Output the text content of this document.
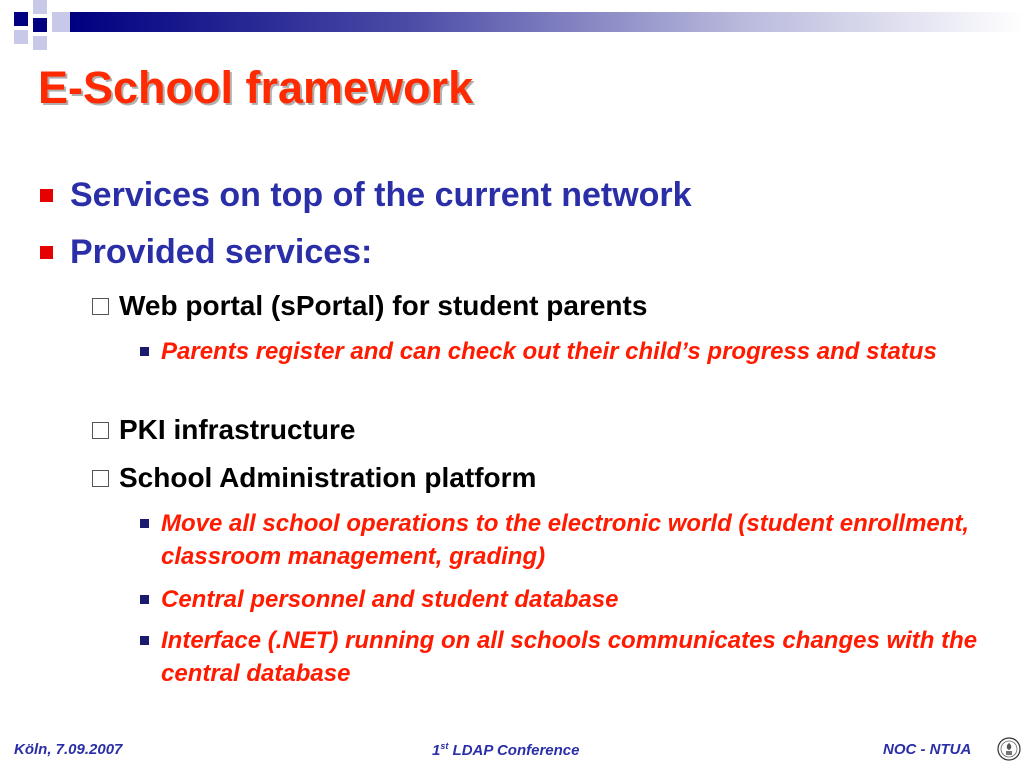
E-School framework
Services on top of the current network
Provided services:
Web portal (sPortal) for student parents
Parents register and can check out their child’s progress and status
PKI infrastructure
School Administration platform
Move all school operations to the electronic world (student enrollment, classroom management, grading)
Central personnel and student database
Interface (.NET) running on all schools communicates changes with the central database
Köln, 7.09.2007	1st LDAP Conference	NOC - NTUA
